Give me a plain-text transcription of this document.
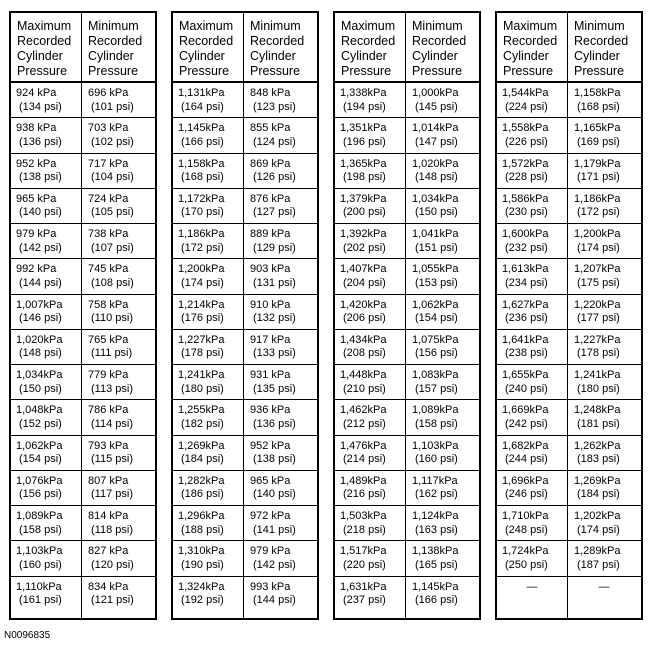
Maximum
Recorded
Cylinder
Pressure
Minimum
Recorded
Cylinder
Pressure
924 kPa
(134 psi)
696 kPa
(101 psi)
938 kPa
(136 psi)
703 kPa
(102 psi)
952 kPa
(138 psi)
717 kPa
(104 psi)
965 kPa
(140 psi)
724 kPa
(105 psi)
979 kPa
(142 psi)
738 kPa
(107 psi)
992 kPa
(144 psi)
745 kPa
(108 psi)
1,007kPa
(146 psi)
758 kPa
(110 psi)
1,020kPa
(148 psi)
765 kPa
(111 psi)
1,034kPa
(150 psi)
779 kPa
(113 psi)
1,048kPa
(152 psi)
786 kPa
(114 psi)
1,062kPa
(154 psi)
793 kPa
(115 psi)
1,076kPa
(156 psi)
807 kPa
(117 psi)
1,089kPa
(158 psi)
814 kPa
(118 psi)
1,103kPa
(160 psi)
827 kPa
(120 psi)
1,110kPa
(161 psi)
834 kPa
(121 psi)
Maximum
Recorded
Cylinder
Pressure
Minimum
Recorded
Cylinder
Pressure
1,131kPa
(164 psi)
848 kPa
(123 psi)
1,145kPa
(166 psi)
855 kPa
(124 psi)
1,158kPa
(168 psi)
869 kPa
(126 psi)
1,172kPa
(170 psi)
876 kPa
(127 psi)
1,186kPa
(172 psi)
889 kPa
(129 psi)
1,200kPa
(174 psi)
903 kPa
(131 psi)
1,214kPa
(176 psi)
910 kPa
(132 psi)
1,227kPa
(178 psi)
917 kPa
(133 psi)
1,241kPa
(180 psi)
931 kPa
(135 psi)
1,255kPa
(182 psi)
936 kPa
(136 psi)
1,269kPa
(184 psi)
952 kPa
(138 psi)
1,282kPa
(186 psi)
965 kPa
(140 psi)
1,296kPa
(188 psi)
972 kPa
(141 psi)
1,310kPa
(190 psi)
979 kPa
(142 psi)
1,324kPa
(192 psi)
993 kPa
(144 psi)
Maximum
Recorded
Cylinder
Pressure
Minimum
Recorded
Cylinder
Pressure
1,338kPa
(194 psi)
1,000kPa
(145 psi)
1,351kPa
(196 psi)
1,014kPa
(147 psi)
1,365kPa
(198 psi)
1,020kPa
(148 psi)
1,379kPa
(200 psi)
1,034kPa
(150 psi)
1,392kPa
(202 psi)
1,041kPa
(151 psi)
1,407kPa
(204 psi)
1,055kPa
(153 psi)
1,420kPa
(206 psi)
1,062kPa
(154 psi)
1,434kPa
(208 psi)
1,075kPa
(156 psi)
1,448kPa
(210 psi)
1,083kPa
(157 psi)
1,462kPa
(212 psi)
1,089kPa
(158 psi)
1,476kPa
(214 psi)
1,103kPa
(160 psi)
1,489kPa
(216 psi)
1,117kPa
(162 psi)
1,503kPa
(218 psi)
1,124kPa
(163 psi)
1,517kPa
(220 psi)
1,138kPa
(165 psi)
1,631kPa
(237 psi)
1,145kPa
(166 psi)
Maximum
Recorded
Cylinder
Pressure
Minimum
Recorded
Cylinder
Pressure
1,544kPa
(224 psi)
1,158kPa
(168 psi)
1,558kPa
(226 psi)
1,165kPa
(169 psi)
1,572kPa
(228 psi)
1,179kPa
(171 psi)
1,586kPa
(230 psi)
1,186kPa
(172 psi)
1,600kPa
(232 psi)
1,200kPa
(174 psi)
1,613kPa
(234 psi)
1,207kPa
(175 psi)
1,627kPa
(236 psi)
1,220kPa
(177 psi)
1,641kPa
(238 psi)
1,227kPa
(178 psi)
1,655kPa
(240 psi)
1,241kPa
(180 psi)
1,669kPa
(242 psi)
1,248kPa
(181 psi)
1,682kPa
(244 psi)
1,262kPa
(183 psi)
1,696kPa
(246 psi)
1,269kPa
(184 psi)
1,710kPa
(248 psi)
1,202kPa
(174 psi)
1,724kPa
(250 psi)
1,289kPa
(187 psi)
—	—
N0096835
